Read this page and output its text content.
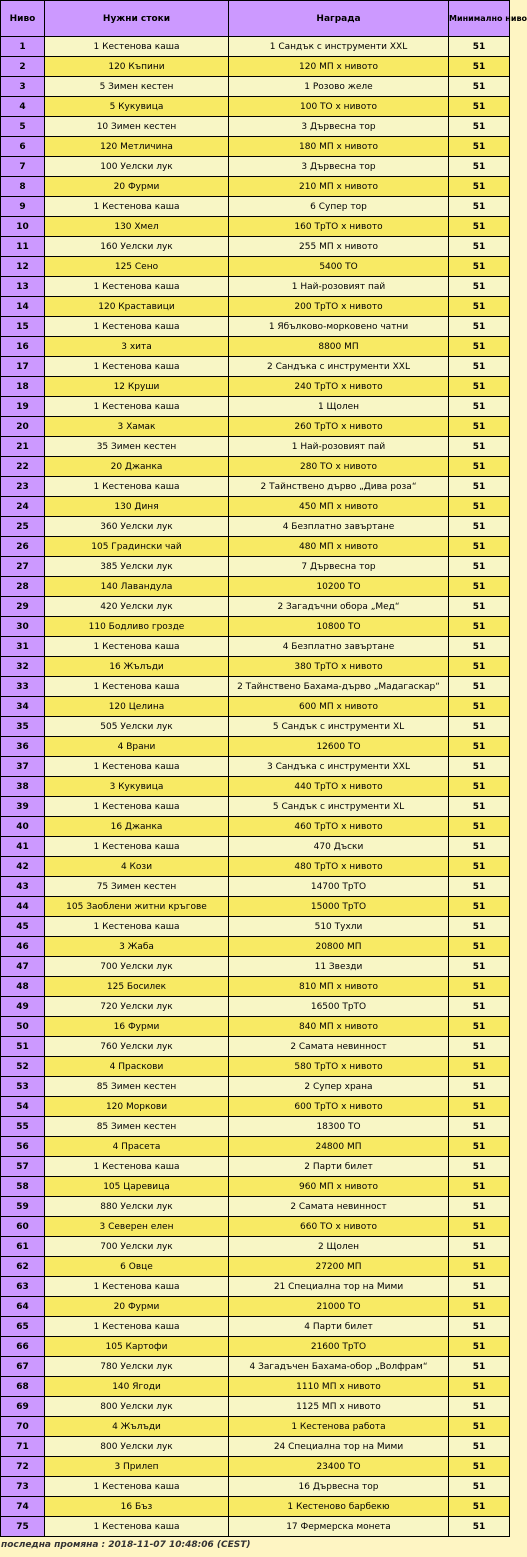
Ниво	Нужни стоки	Награда	Минимално ниво
1	1 Кестенова каша	1 Сандък с инструменти XXL	51
2	120 Къпини	120 МП x нивото	51
3	5 Зимен кестен	1 Розово желе	51
4	5 Кукувица	100 ТО x нивото	51
5	10 Зимен кестен	3 Дървесна тор	51
6	120 Метличина	180 МП x нивото	51
7	100 Уелски лук	3 Дървесна тор	51
8	20 Фурми	210 МП x нивото	51
9	1 Кестенова каша	6 Супер тор	51
10	130 Хмел	160 ТрТО x нивото	51
11	160 Уелски лук	255 МП x нивото	51
12	125 Сено	5400 ТО	51
13	1 Кестенова каша	1 Най-розовият пай	51
14	120 Краставици	200 ТрТО x нивото	51
15	1 Кестенова каша	1 Ябълково-морковено чатни	51
16	3 хита	8800 МП	51
17	1 Кестенова каша	2 Сандъка с инструменти XXL	51
18	12 Круши	240 ТрТО x нивото	51
19	1 Кестенова каша	1 Щолен	51
20	3 Хамак	260 ТрТО x нивото	51
21	35 Зимен кестен	1 Най-розовият пай	51
22	20 Джанка	280 ТО x нивото	51
23	1 Кестенова каша	2 Тайнствено дърво „Дива роза“	51
24	130 Диня	450 МП x нивото	51
25	360 Уелски лук	4 Безплатно завъртане	51
26	105 Градински чай	480 МП x нивото	51
27	385 Уелски лук	7 Дървесна тор	51
28	140 Лавандула	10200 ТО	51
29	420 Уелски лук	2 Загадъчни обора „Мед“	51
30	110 Бодливо грозде	10800 ТО	51
31	1 Кестенова каша	4 Безплатно завъртане	51
32	16 Жълъди	380 ТрТО x нивото	51
33	1 Кестенова каша	2 Тайнствено Бахама-дърво „Мадагаскар“	51
34	120 Целина	600 МП x нивото	51
35	505 Уелски лук	5 Сандък с инструменти XL	51
36	4 Врани	12600 ТО	51
37	1 Кестенова каша	3 Сандъка с инструменти XXL	51
38	3 Кукувица	440 ТрТО x нивото	51
39	1 Кестенова каша	5 Сандък с инструменти XL	51
40	16 Джанка	460 ТрТО x нивото	51
41	1 Кестенова каша	470 Дъски	51
42	4 Кози	480 ТрТО x нивото	51
43	75 Зимен кестен	14700 ТрТО	51
44	105 Заоблени житни кръгове	15000 ТрТО	51
45	1 Кестенова каша	510 Тухли	51
46	3 Жаба	20800 МП	51
47	700 Уелски лук	11 Звезди	51
48	125 Босилек	810 МП x нивото	51
49	720 Уелски лук	16500 ТрТО	51
50	16 Фурми	840 МП x нивото	51
51	760 Уелски лук	2 Самата невинност	51
52	4 Праскови	580 ТрТО x нивото	51
53	85 Зимен кестен	2 Супер храна	51
54	120 Моркови	600 ТрТО x нивото	51
55	85 Зимен кестен	18300 ТО	51
56	4 Прасета	24800 МП	51
57	1 Кестенова каша	2 Парти билет	51
58	105 Царевица	960 МП x нивото	51
59	880 Уелски лук	2 Самата невинност	51
60	3 Северен елен	660 ТО x нивото	51
61	700 Уелски лук	2 Щолен	51
62	6 Овце	27200 МП	51
63	1 Кестенова каша	21 Специална тор на Мими	51
64	20 Фурми	21000 ТО	51
65	1 Кестенова каша	4 Парти билет	51
66	105 Картофи	21600 ТрТО	51
67	780 Уелски лук	4 Загадъчен Бахама-обор „Волфрам“	51
68	140 Ягоди	1110 МП x нивото	51
69	800 Уелски лук	1125 МП x нивото	51
70	4 Жълъди	1 Кестенова работа	51
71	800 Уелски лук	24 Специална тор на Мими	51
72	3 Прилеп	23400 ТО	51
73	1 Кестенова каша	16 Дървесна тор	51
74	16 Бъз	1 Кестеново барбекю	51
75	1 Кестенова каша	17 Фермерска монета	51
последна промяна : 2018-11-07 10:48:06 (CEST)
